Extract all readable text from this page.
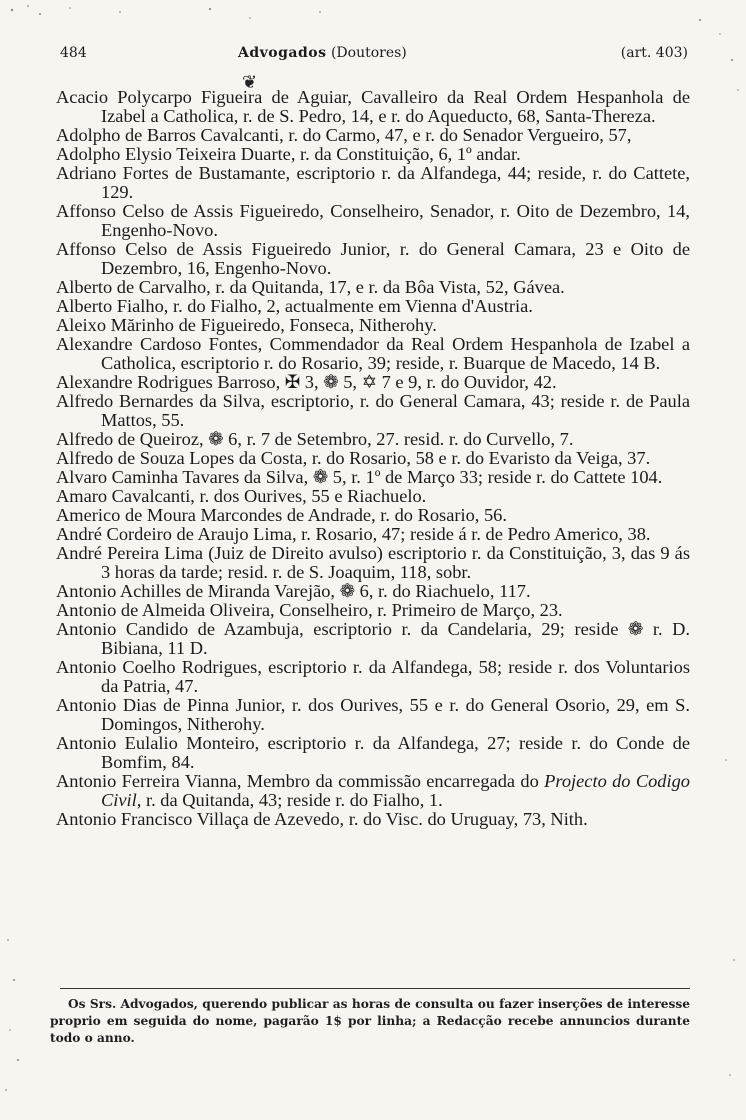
484
❦
Advogados (Doutores)	(art. 403)
Acacio Polycarpo Figueira de Aguiar, Cavalleiro da Real Ordem Hespanhola de Izabel a Catholica, r. de S. Pedro, 14, e r. do Aqueducto, 68, Santa-Thereza.
Adolpho de Barros Cavalcanti, r. do Carmo, 47, e r. do Senador Vergueiro, 57,
Adolpho Elysio Teixeira Duarte, r. da Constituição, 6, 1º andar.
Adriano Fortes de Bustamante, escriptorio r. da Alfandega, 44; reside, r. do Cattete, 129.
Affonso Celso de Assis Figueiredo, Conselheiro, Senador, r. Oito de Dezembro, 14, Engenho-Novo.
Affonso Celso de Assis Figueiredo Junior, r. do General Camara, 23 e Oito de Dezembro, 16, Engenho-Novo.
Alberto de Carvalho, r. da Quitanda, 17, e r. da Bôa Vista, 52, Gávea.
Alberto Fialho, r. do Fialho, 2, actualmente em Vienna d'Austria.
Aleixo Mărinho de Figueiredo, Fonseca, Nitherohy.
Alexandre Cardoso Fontes, Commendador da Real Ordem Hespanhola de Izabel a Catholica, escriptorio r. do Rosario, 39; reside, r. Buarque de Macedo, 14 B.
Alexandre Rodrigues Barroso, ✠ 3, ❁ 5, ✡ 7 e 9, r. do Ouvidor, 42.
Alfredo Bernardes da Silva, escriptorio, r. do General Camara, 43; reside r. de Paula Mattos, 55.
Alfredo de Queiroz, ❁ 6, r. 7 de Setembro, 27. resid. r. do Curvello, 7.
Alfredo de Souza Lopes da Costa, r. do Rosario, 58 e r. do Evaristo da Veiga, 37.
Alvaro Caminha Tavares da Silva, ❁ 5, r. 1º de Março 33; reside r. do Cattete 104.
Amaro Cavalcanti, r. dos Ourives, 55 e Riachuelo.
Americo de Moura Marcondes de Andrade, r. do Rosario, 56.
André Cordeiro de Araujo Lima, r. Rosario, 47; reside á r. de Pedro Americo, 38.
André Pereira Lima (Juiz de Direito avulso) escriptorio r. da Constituição, 3, das 9 ás 3 horas da tarde; resid. r. de S. Joaquim, 118, sobr.
Antonio Achilles de Miranda Varejão, ❁ 6, r. do Riachuelo, 117.
Antonio de Almeida Oliveira, Conselheiro, r. Primeiro de Março, 23.
Antonio Candido de Azambuja, escriptorio r. da Candelaria, 29; reside ❁ r. D. Bibiana, 11 D.
Antonio Coelho Rodrigues, escriptorio r. da Alfandega, 58; reside r. dos Voluntarios da Patria, 47.
Antonio Dias de Pinna Junior, r. dos Ourives, 55 e r. do General Osorio, 29, em S. Domingos, Nitherohy.
Antonio Eulalio Monteiro, escriptorio r. da Alfandega, 27; reside r. do Conde de Bomfim, 84.
Antonio Ferreira Vianna, Membro da commissão encarregada do Projecto do Codigo Civil, r. da Quitanda, 43; reside r. do Fialho, 1.
Antonio Francisco Villaça de Azevedo, r. do Visc. do Uruguay, 73, Nith.
Os Srs. Advogados, querendo publicar as horas de consulta ou fazer inserções de interesse proprio em seguida do nome, pagarão 1$ por linha; a Redacção recebe annuncios durante todo o anno.
